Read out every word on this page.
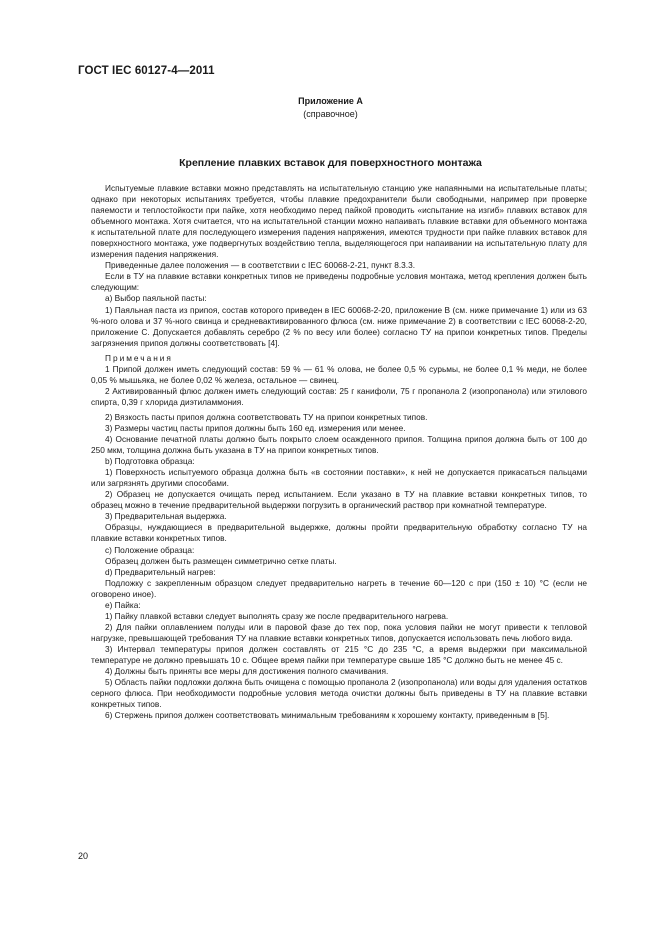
ГОСТ IEC 60127-4—2011
Приложение А
(справочное)
Крепление плавких вставок для поверхностного монтажа

Испытуемые плавкие вставки можно представлять на испытательную станцию уже напаянными на испытательные платы; однако при некоторых испытаниях требуется, чтобы плавкие предохранители были свободными, например при проверке паяемости и теплостойкости при пайке, хотя необходимо перед пайкой проводить «испытание на изгиб» плавких вставок для объемного монтажа. Хотя считается, что на испытательной станции можно напаивать плавкие вставки для объемного монтажа к испытательной плате для последующего измерения падения напряжения, имеются трудности при пайке плавких вставок для поверхностного монтажа, уже подвергнутых воздействию тепла, выделяющегося при напаивании на испытательную плату для измерения падения напряжения.

Приведенные далее положения — в соответствии с IEC 60068-2-21, пункт 8.3.3.

Если в ТУ на плавкие вставки конкретных типов не приведены подробные условия монтажа, метод крепления должен быть следующим:

а) Выбор паяльной пасты:

1) Паяльная паста из припоя, состав которого приведен в IEC 60068-2-20, приложение В (см. ниже примечание 1) или из 63 %-ного олова и 37 %-ного свинца и средневактивированного флюса (см. ниже примечание 2) в соответствии с IEC 60068-2-20, приложение С. Допускается добавлять серебро (2 % по весу или более) согласно ТУ на припои конкретных типов. Пределы загрязнения припоя должны соответствовать [4].

Примечания

1 Припой должен иметь следующий состав: 59 % — 61 % олова, не более 0,5 % сурьмы, не более 0,1 % меди, не более 0,05 % мышьяка, не более 0,02 % железа, остальное — свинец.

2 Активированный флюс должен иметь следующий состав: 25 г канифоли, 75 г пропанола 2 (изопропанола) или этилового спирта, 0,39 г хлорида диэтиламмония.

2) Вязкость пасты припоя должна соответствовать ТУ на припои конкретных типов.

3) Размеры частиц пасты припоя должны быть 160 ед. измерения или менее.

4) Основание печатной платы должно быть покрыто слоем осажденного припоя. Толщина припоя должна быть от 100 до 250 мкм, толщина должна быть указана в ТУ на припои конкретных типов.

b) Подготовка образца:

1) Поверхность испытуемого образца должна быть «в состоянии поставки», к ней не допускается прикасаться пальцами или загрязнять другими способами.

2) Образец не допускается очищать перед испытанием. Если указано в ТУ на плавкие вставки конкретных типов, то образец можно в течение предварительной выдержки погрузить в органический раствор при комнатной температуре.

3) Предварительная выдержка.

Образцы, нуждающиеся в предварительной выдержке, должны пройти предварительную обработку согласно ТУ на плавкие вставки конкретных типов.

c) Положение образца:

Образец должен быть размещен симметрично сетке платы.

d) Предварительный нагрев:

Подложку с закрепленным образцом следует предварительно нагреть в течение 60—120 с при (150 ± 10) °С (если не оговорено иное).

e) Пайка:

1) Пайку плавкой вставки следует выполнять сразу же после предварительного нагрева.

2) Для пайки оплавлением полуды или в паровой фазе до тех пор, пока условия пайки не могут привести к тепловой нагрузке, превышающей требования ТУ на плавкие вставки конкретных типов, допускается использовать печь любого вида.

3) Интервал температуры припоя должен составлять от 215 °С до 235 °С, а время выдержки при максимальной температуре не должно превышать 10 с. Общее время пайки при температуре свыше 185 °С должно быть не менее 45 с.

4) Должны быть приняты все меры для достижения полного смачивания.

5) Область пайки подложки должна быть очищена с помощью пропанола 2 (изопропанола) или воды для удаления остатков серного флюса. При необходимости подробные условия метода очистки должны быть приведены в ТУ на плавкие вставки конкретных типов.

6) Стержень припоя должен соответствовать минимальным требованиям к хорошему контакту, приведенным в [5].

20
